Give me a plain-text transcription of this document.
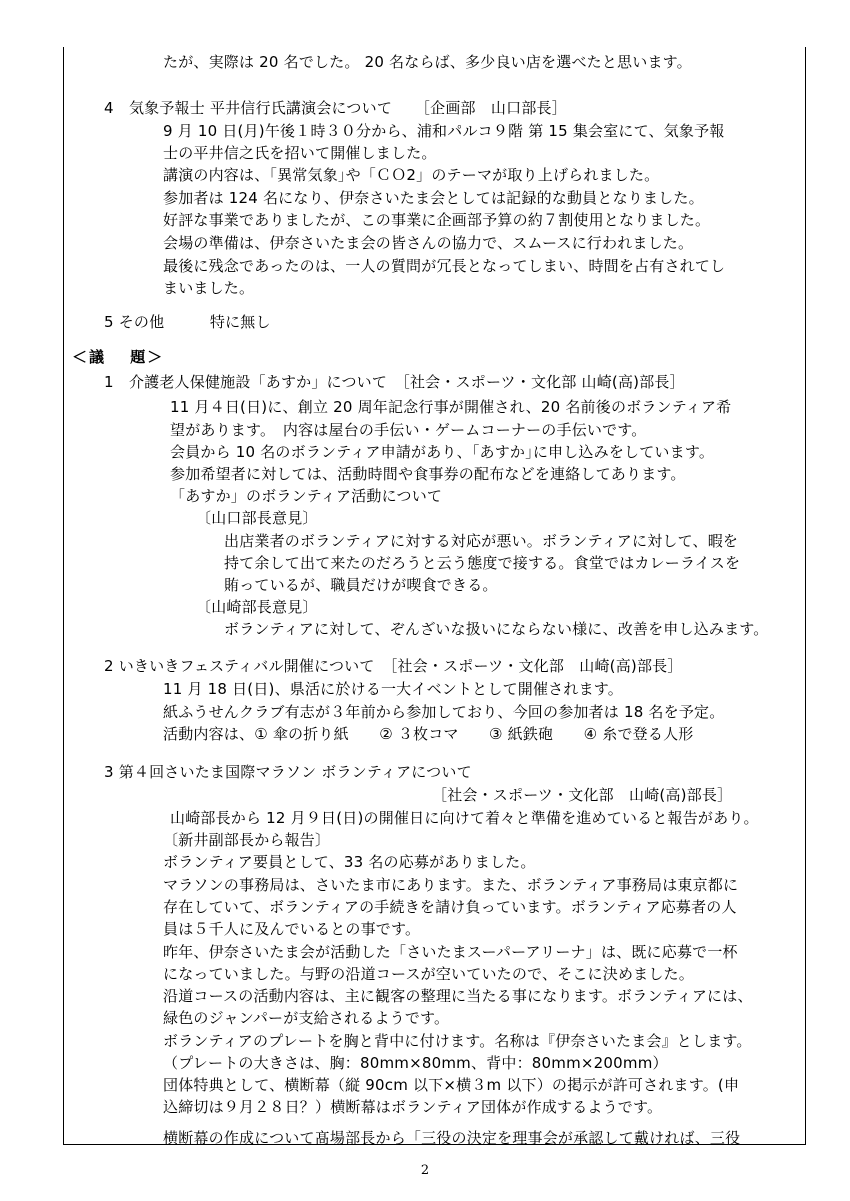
たが、実際は 20 名でした。 20 名ならば、多少良い店を選べたと思います。
4　気象予報士 平井信行氏講演会について　　［企画部　山口部長］
9 月 10 日(月)午後１時３０分から、浦和パルコ９階 第 15 集会室にて、気象予報
士の平井信之氏を招いて開催しました。
講演の内容は、｢異常気象｣や「ＣＯ2」のテーマが取り上げられました。
参加者は 124 名になり、伊奈さいたま会としては記録的な動員となりました。
好評な事業でありましたが、この事業に企画部予算の約７割使用となりました。
会場の準備は、伊奈さいたま会の皆さんの協力で、スムースに行われました。
最後に残念であったのは、一人の質問が冗長となってしまい、時間を占有されてし
まいました。
5 その他　　　特に無し
＜議　 題＞
1　介護老人保健施設「あすか」について　［社会・スポーツ・文化部 山崎(高)部長］
11 月４日(日)に、創立 20 周年記念行事が開催され、20 名前後のボランティア希
望があります。　内容は屋台の手伝い・ゲームコーナーの手伝いです。
会員から 10 名のボランティア申請があり、｢あすか｣に申し込みをしています。
参加希望者に対しては、活動時間や食事券の配布などを連絡してあります。
「あすか」のボランティア活動について
〔山口部長意見〕
出店業者のボランティアに対する対応が悪い。ボランティアに対して、暇を
持て余して出て来たのだろうと云う態度で接する。食堂ではカレーライスを
賄っているが、職員だけが喫食できる。
〔山崎部長意見〕
ボランティアに対して、ぞんざいな扱いにならない様に、改善を申し込みます。
2 いきいきフェスティバル開催について　［社会・スポーツ・文化部　山崎(高)部長］
11 月 18 日(日)、県活に於ける一大イベントとして開催されます。
紙ふうせんクラブ有志が３年前から参加しており、今回の参加者は 18 名を予定。
活動内容は、① 傘の折り紙　　② ３枚コマ　　③ 紙鉄砲　　④ 糸で登る人形
3 第４回さいたま国際マラソン ボランティアについて
［社会・スポーツ・文化部　山崎(高)部長］
山崎部長から 12 月９日(日)の開催日に向けて着々と準備を進めていると報告があり。
〔新井副部長から報告〕
ボランティア要員として、33 名の応募がありました。
マラソンの事務局は、さいたま市にあります。また、ボランティア事務局は東京都に
存在していて、ボランティアの手続きを請け負っています。ボランティア応募者の人
員は５千人に及んでいるとの事です。
昨年、伊奈さいたま会が活動した「さいたまスーパーアリーナ」は、既に応募で一杯
になっていました。与野の沿道コースが空いていたので、そこに決めました。
沿道コースの活動内容は、主に観客の整理に当たる事になります。ボランティアには、
緑色のジャンパーが支給されるようです。
ボランティアのプレートを胸と背中に付けます。名称は『伊奈さいたま会』とします。
（プレートの大きさは、胸：80mm×80mm、背中：80mm×200mm）
団体特典として、横断幕（縦 90cm 以下×横３m 以下）の掲示が許可されます。(申
込締切は９月２８日？）横断幕はボランティア団体が作成するようです。
横断幕の作成について髙場部長から「三役の決定を理事会が承認して戴ければ、三役
2
